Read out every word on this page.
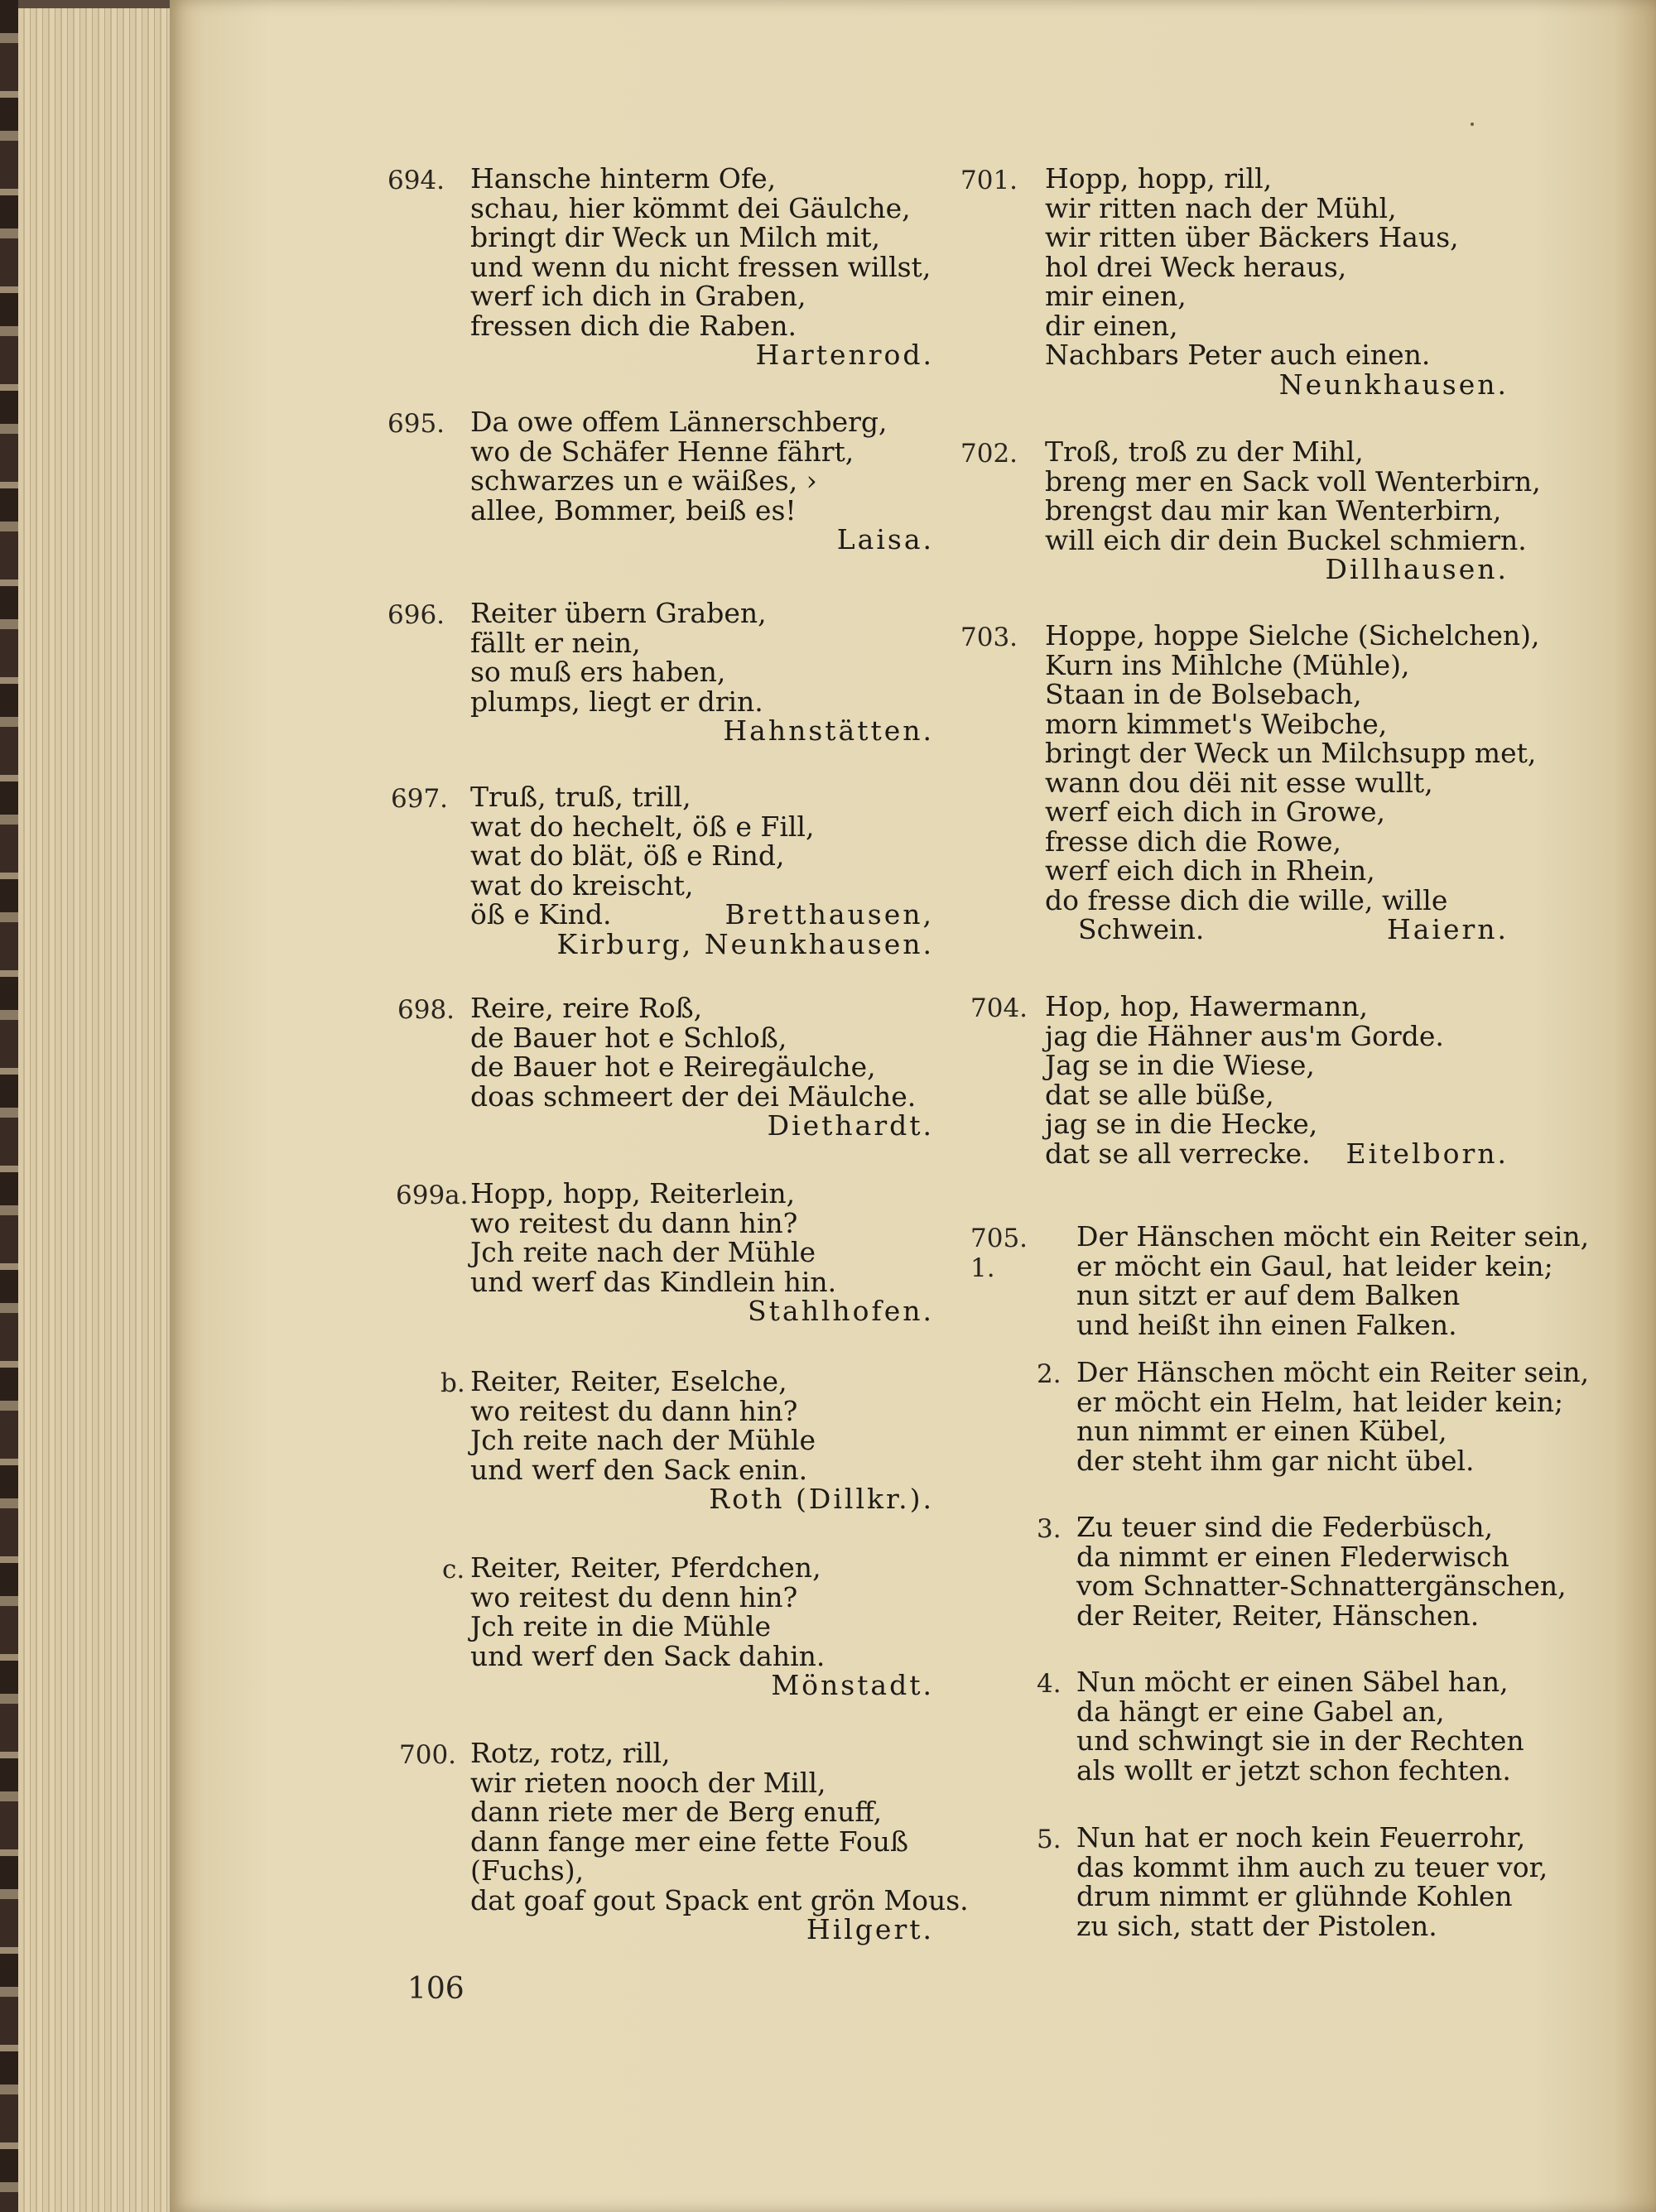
694. Hansche hinterm Ofe,
schau, hier kömmt dei Gäulche,
bringt dir Weck un Milch mit,
und wenn du nicht fressen willst,
werf ich dich in Graben,
fressen dich die Raben.
Hartenrod.
695. Da owe offem Lännerschberg,
wo de Schäfer Henne fährt,
schwarzes un e wäißes, ›
allee, Bommer, beiß es!
Laisa.
696. Reiter übern Graben,
fällt er nein,
so muß ers haben,
plumps, liegt er drin.
Hahnstätten.
697. Truß, truß, trill,
wat do hechelt, öß e Fill,
wat do blät, öß e Rind,
wat do kreischt,
öß e Kind.	Bretthausen,
Kirburg, Neunkhausen.
698. Reire, reire Roß,
de Bauer hot e Schloß,
de Bauer hot e Reiregäulche,
doas schmeert der dei Mäulche.
Diethardt.
699a. Hopp, hopp, Reiterlein,
wo reitest du dann hin?
Jch reite nach der Mühle
und werf das Kindlein hin.
Stahlhofen.
b. Reiter, Reiter, Eselche,
wo reitest du dann hin?
Jch reite nach der Mühle
und werf den Sack enin.
Roth (Dillkr.).
c. Reiter, Reiter, Pferdchen,
wo reitest du denn hin?
Jch reite in die Mühle
und werf den Sack dahin.
Mönstadt.
700. Rotz, rotz, rill,
wir rieten nooch der Mill,
dann riete mer de Berg enuff,
dann fange mer eine fette Fouß
(Fuchs),
dat goaf gout Spack ent grön Mous.
Hilgert.
701. Hopp, hopp, rill,
wir ritten nach der Mühl,
wir ritten über Bäckers Haus,
hol drei Weck heraus,
mir einen,
dir einen,
Nachbars Peter auch einen.
Neunkhausen.
702. Troß, troß zu der Mihl,
breng mer en Sack voll Wenterbirn,
brengst dau mir kan Wenterbirn,
will eich dir dein Buckel schmiern.
Dillhausen.
703. Hoppe, hoppe Sielche (Sichelchen),
Kurn ins Mihlche (Mühle),
Staan in de Bolsebach,
morn kimmet's Weibche,
bringt der Weck un Milchsupp met,
wann dou dëi nit esse wullt,
werf eich dich in Growe,
fresse dich die Rowe,
werf eich dich in Rhein,
do fresse dich die wille, wille
Schwein.	Haiern.
704. Hop, hop, Hawermann,
jag die Hähner aus'm Gorde.
Jag se in die Wiese,
dat se alle büße,
jag se in die Hecke,
dat se all verrecke. Eitelborn.
705. 1.
Der Hänschen möcht ein Reiter sein,
er möcht ein Gaul, hat leider kein;
nun sitzt er auf dem Balken
und heißt ihn einen Falken.
2. Der Hänschen möcht ein Reiter sein,
er möcht ein Helm, hat leider kein;
nun nimmt er einen Kübel,
der steht ihm gar nicht übel.
3. Zu teuer sind die Federbüsch,
da nimmt er einen Flederwisch
vom Schnatter-Schnattergänschen,
der Reiter, Reiter, Hänschen.
4. Nun möcht er einen Säbel han,
da hängt er eine Gabel an,
und schwingt sie in der Rechten
als wollt er jetzt schon fechten.
5. Nun hat er noch kein Feuerrohr,
das kommt ihm auch zu teuer vor,
drum nimmt er glühnde Kohlen
zu sich, statt der Pistolen.
106
